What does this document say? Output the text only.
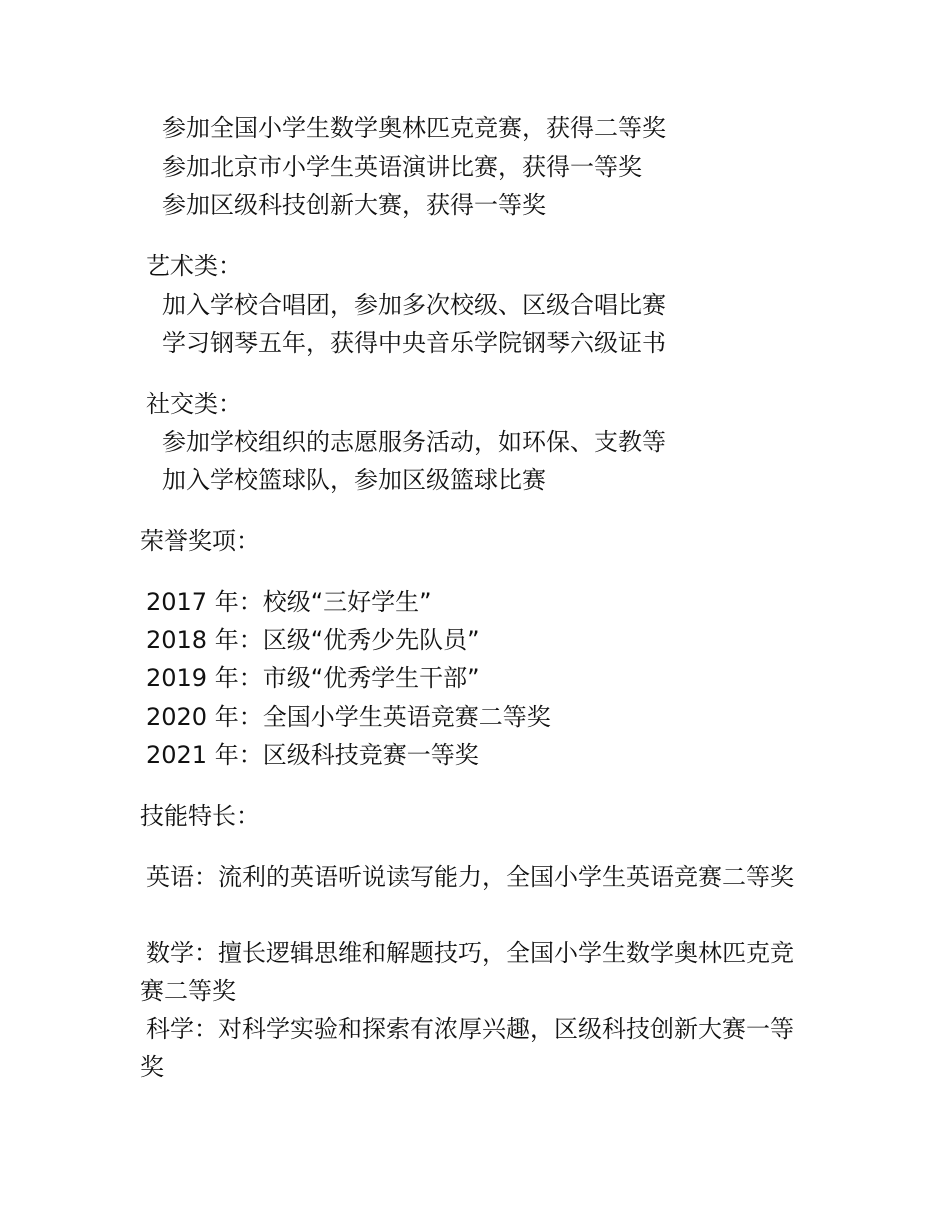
参加全国小学生数学奥林匹克竞赛，获得二等奖
参加北京市小学生英语演讲比赛，获得一等奖
参加区级科技创新大赛，获得一等奖
艺术类：
加入学校合唱团，参加多次校级、区级合唱比赛
学习钢琴五年，获得中央音乐学院钢琴六级证书
社交类：
参加学校组织的志愿服务活动，如环保、支教等
加入学校篮球队，参加区级篮球比赛
荣誉奖项：
2017 年：校级“三好学生”
2018 年：区级“优秀少先队员”
2019 年：市级“优秀学生干部”
2020 年：全国小学生英语竞赛二等奖
2021 年：区级科技竞赛一等奖
技能特长：
英语：流利的英语听说读写能力，全国小学生英语竞赛二等奖
数学：擅长逻辑思维和解题技巧，全国小学生数学奥林匹克竞赛二等奖
科学：对科学实验和探索有浓厚兴趣，区级科技创新大赛一等奖
